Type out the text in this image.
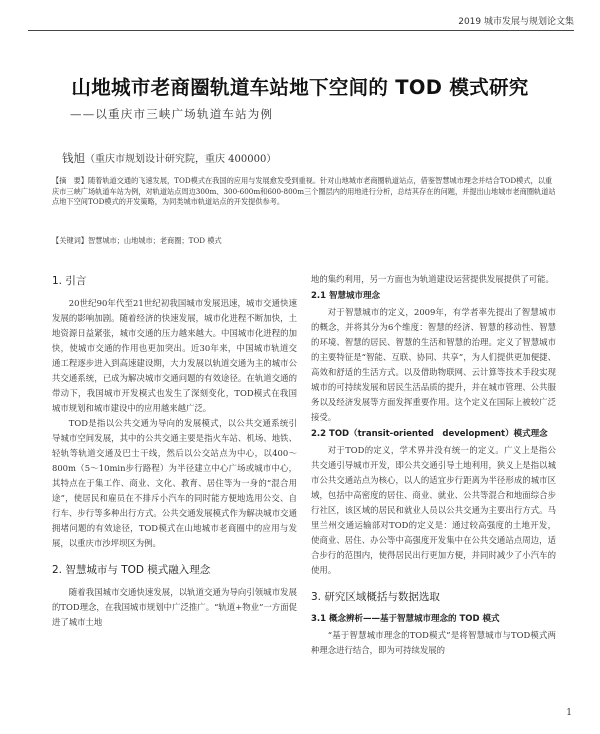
2019 城市发展与规划论文集
山地城市老商圈轨道车站地下空间的 TOD 模式研究
——以重庆市三峡广场轨道车站为例
钱旭（重庆市规划设计研究院，重庆 400000）
【摘　要】随着轨道交通的飞速发展，TOD模式在我国的应用与发展愈发受到重视。针对山地城市老商圈轨道站点，借鉴智慧城市理念并结合TOD模式，以重庆市三峡广场轨道车站为例，对轨道站点周边300m、300-600m和600-800m三个圈层内的用地进行分析，总结其存在的问题，并提出山地城市老商圈轨道站点地下空间TOD模式的开发策略，为同类城市轨道站点的开发提供参考。
【关键词】智慧城市；山地城市；老商圈；TOD 模式
1. 引言

20世纪90年代至21世纪初我国城市发展迅速，城市交通快速发展的影响加剧。随着经济的快速发展，城市化进程不断加快，土地资源日益紧张，城市交通的压力越来越大。中国城市化进程的加快，使城市交通的作用也更加突出。近30年来，中国城市轨道交通工程逐步进入到高速建设期，大力发展以轨道交通为主的城市公共交通系统，已成为解决城市交通问题的有效途径。在轨道交通的带动下，我国城市开发模式也发生了深刻变化，TOD模式在我国城市规划和城市建设中的应用越来越广泛。

TOD是指以公共交通为导向的发展模式，以公共交通系统引导城市空间发展，其中的公共交通主要是指火车站、机场、地铁、轻轨等轨道交通及巴士干线，然后以公交站点为中心，以400～800m（5～10min步行路程）为半径建立中心广场或城市中心，其特点在于集工作、商业、文化、教育、居住等为一身的“混合用途”，使居民和雇员在不排斥小汽车的同时能方便地选用公交、自行车、步行等多种出行方式。公共交通发展模式作为解决城市交通拥堵问题的有效途径，TOD模式在山地城市老商圈中的应用与发展，以重庆市沙坪坝区为例。

2. 智慧城市与 TOD 模式融入理念

随着我国城市交通快速发展，以轨道交通为导向引领城市发展的TOD理念，在我国城市规划中广泛推广。“轨道+物业”一方面促进了城市土地

地的集约利用，另一方面也为轨道建设运营提供发展提供了可能。

2.1 智慧城市理念

对于智慧城市的定义，2009年，有学者率先提出了智慧城市的概念，并将其分为6个维度：智慧的经济、智慧的移动性、智慧的环境、智慧的居民、智慧的生活和智慧的治理。定义了智慧城市的主要特征是“智能、互联、协同、共享”，为人们提供更加便捷、高效和舒适的生活方式。以及借助物联网、云计算等技术手段实现城市的可持续发展和居民生活品质的提升，并在城市管理、公共服务以及经济发展等方面发挥重要作用。这个定义在国际上被较广泛接受。

2.2 TOD（transit-oriented　development）模式理念

对于TOD的定义，学术界并没有统一的定义。广义上是指公共交通引导城市开发，即公共交通引导土地利用，狭义上是指以城市公共交通站点为核心，以人的适宜步行距离为半径形成的城市区域，包括中高密度的居住、商业、就业、公共等混合和地面综合步行社区，该区域的居民和就业人员以公共交通为主要出行方式。马里兰州交通运输部对TOD的定义是：通过较高强度的土地开发，使商业、居住、办公等中高强度开发集中在公共交通站点周边，适合步行的范围内，使得居民出行更加方便，并同时减少了小汽车的使用。

3. 研究区域概括与数据选取
3.1 概念辨析——基于智慧城市理念的 TOD 模式

“基于智慧城市理念的TOD模式”是将智慧城市与TOD模式两种理念进行结合，即为可持续发展的

1
